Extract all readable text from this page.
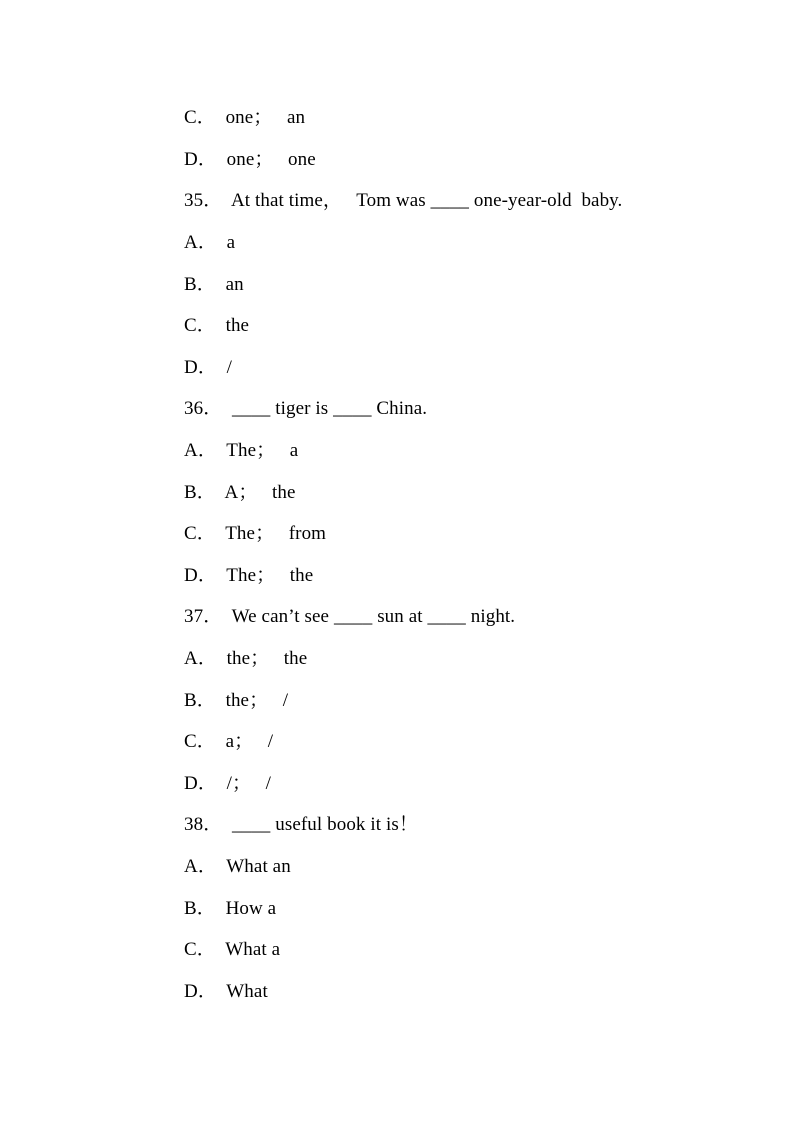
C．  one；   an
D．  one；   one
35．  At that time，   Tom was ____ one-year-old  baby.
A．  a
B．  an
C．  the
D．  /
36．  ____ tiger is ____ China.
A．  The；   a
B．  A；   the
C．  The；   from
D．  The；   the
37．  We can’t see ____ sun at ____ night.
A．  the；   the
B．  the；   /
C．  a；   /
D．  /；   /
38．  ____ useful book it is！
A．  What an
B．  How a
C．  What a
D．  What
